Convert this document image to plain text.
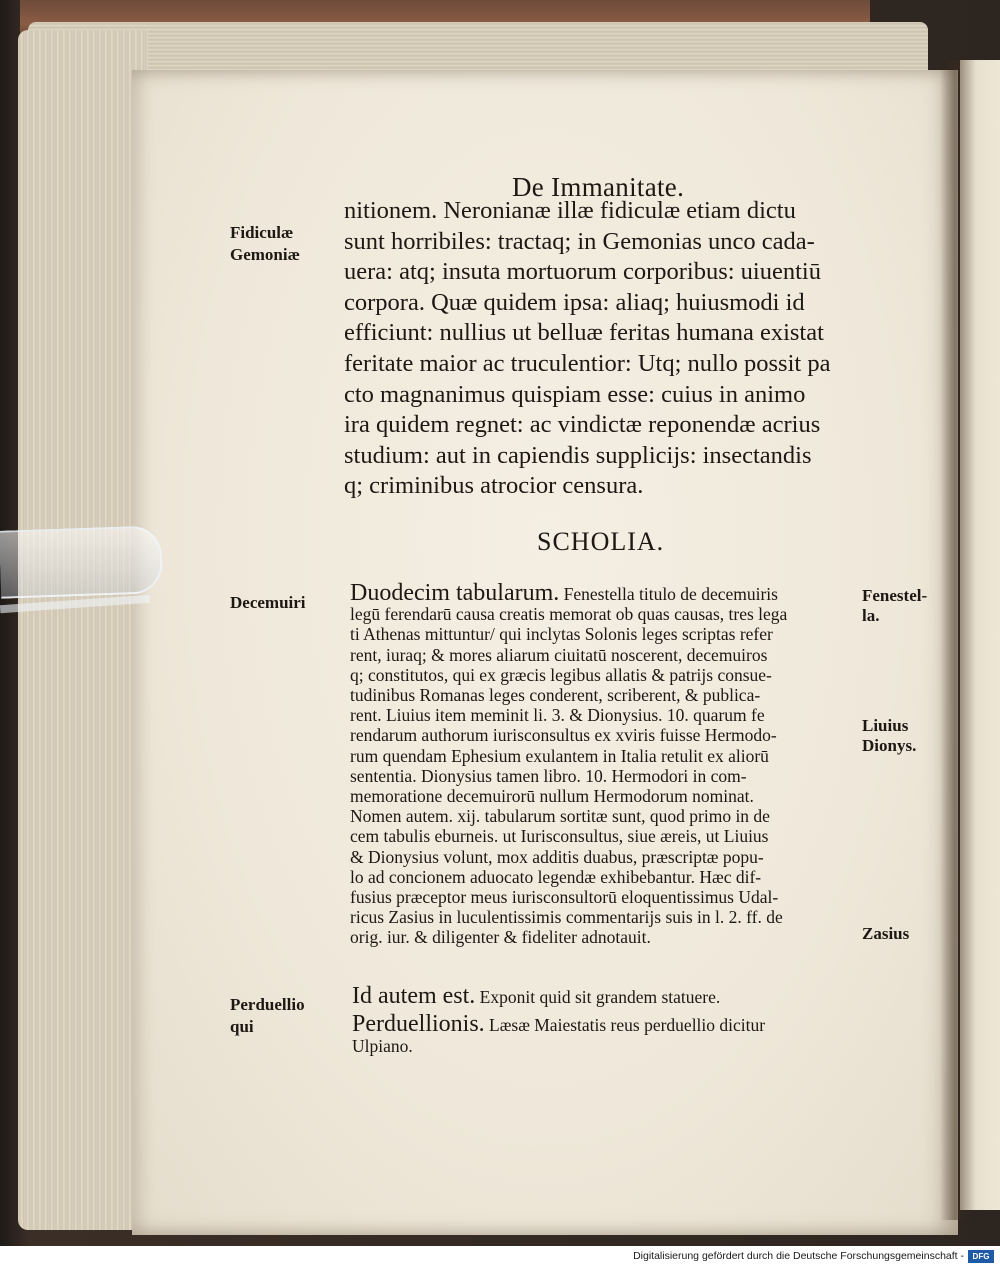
De Immanitate.
Fidiculæ
Gemoniæ
nitionem. Neronianæ illæ fidiculæ etiam dictu
sunt horribiles: tractaq; in Gemonias unco cada-
uera: atq; insuta mortuorum corporibus: uiuentiū
corpora. Quæ quidem ipsa: aliaq; huiusmodi id
efficiunt: nullius ut belluæ feritas humana existat
feritate maior ac truculentior: Utq; nullo possit pa
cto magnanimus quispiam esse: cuius in animo
ira quidem regnet: ac vindictæ reponendæ acrius
studium: aut in capiendis supplicijs: insectandis
q; criminibus atrocior censura.
SCHOLIA.
Decemuiri Duodecim tabularum. Fenestella titulo de decemuiris
legū ferendarū causa creatis memorat ob quas causas, tres lega
ti Athenas mittuntur/ qui inclytas Solonis leges scriptas refer
rent, iuraq; & mores aliarum ciuitatū noscerent, decemuiros
q; constitutos, qui ex græcis legibus allatis & patrijs consue-
tudinibus Romanas leges conderent, scriberent, & publica-
rent. Liuius item meminit li. 3. & Dionysius. 10. quarum fe
rendarum authorum iurisconsultus ex xviris fuisse Hermodo-
rum quendam Ephesium exulantem in Italia retulit ex aliorū
sententia. Dionysius tamen libro. 10. Hermodori in com-
memoratione decemuirorū nullum Hermodorum nominat.
Nomen autem. xij. tabularum sortitæ sunt, quod primo in de
cem tabulis eburneis. ut Iurisconsultus, siue æreis, ut Liuius
& Dionysius volunt, mox additis duabus, præscriptæ popu-
lo ad concionem aduocato legendæ exhibebantur. Hæc dif-
fusius præceptor meus iurisconsultorū eloquentissimus Udal-
ricus Zasius in luculentissimis commentarijs suis in l. 2. ff. de
orig. iur. & diligenter & fideliter adnotauit.
Perduellio
qui
Id autem est. Exponit quid sit grandem statuere.
Perduellionis. Læsæ Maiestatis reus perduellio dicitur
Ulpiano.
Fenestel-
la.
Liuius
Dionys.
Zasius
Digitalisierung gefördert durch die Deutsche Forschungsgemeinschaft -	DFG
